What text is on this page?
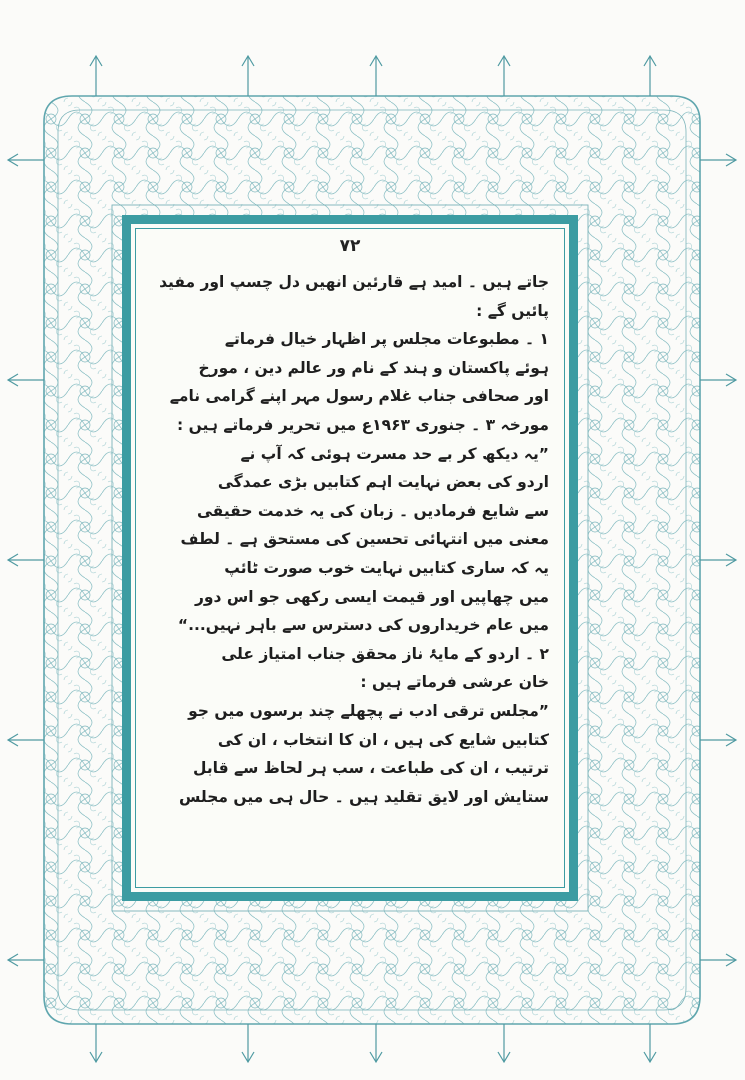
۷۲
جاتے ہیں ۔ امید ہے قارئین انھیں دل چسپ اور مفید
پائیں گے :
۱ ۔ مطبوعات مجلس پر اظہار خیال فرماتے
ہوئے پاکستان و ہند کے نام ور عالم دین ، مورخ
اور صحافی جناب غلام رسول مہر اپنے گرامی نامے
مورخہ ۳ ۔ جنوری ۱۹۶۳ع میں تحریر فرماتے ہیں :
”یہ دیکھ کر بے حد مسرت ہوئی کہ آپ نے
اردو کی بعض نہایت اہم کتابیں بڑی عمدگی
سے شایع فرمادیں ۔ زبان کی یہ خدمت حقیقی
معنی میں انتہائی تحسین کی مستحق ہے ۔ لطف
یہ کہ ساری کتابیں نہایت خوب صورت ٹائپ
میں چھاپیں اور قیمت ایسی رکھی جو اس دور
میں عام خریداروں کی دسترس سے باہر نہیں...“
۲ ۔ اردو کے مایۂ ناز محقق جناب امتیاز علی
خان عرشی فرماتے ہیں :
”مجلس ترقی ادب نے پچھلے چند برسوں میں جو
کتابیں شایع کی ہیں ، ان کا انتخاب ، ان کی
ترتیب ، ان کی طباعت ، سب ہر لحاظ سے قابل
ستایش اور لایق تقلید ہیں ۔ حال ہی میں مجلس
